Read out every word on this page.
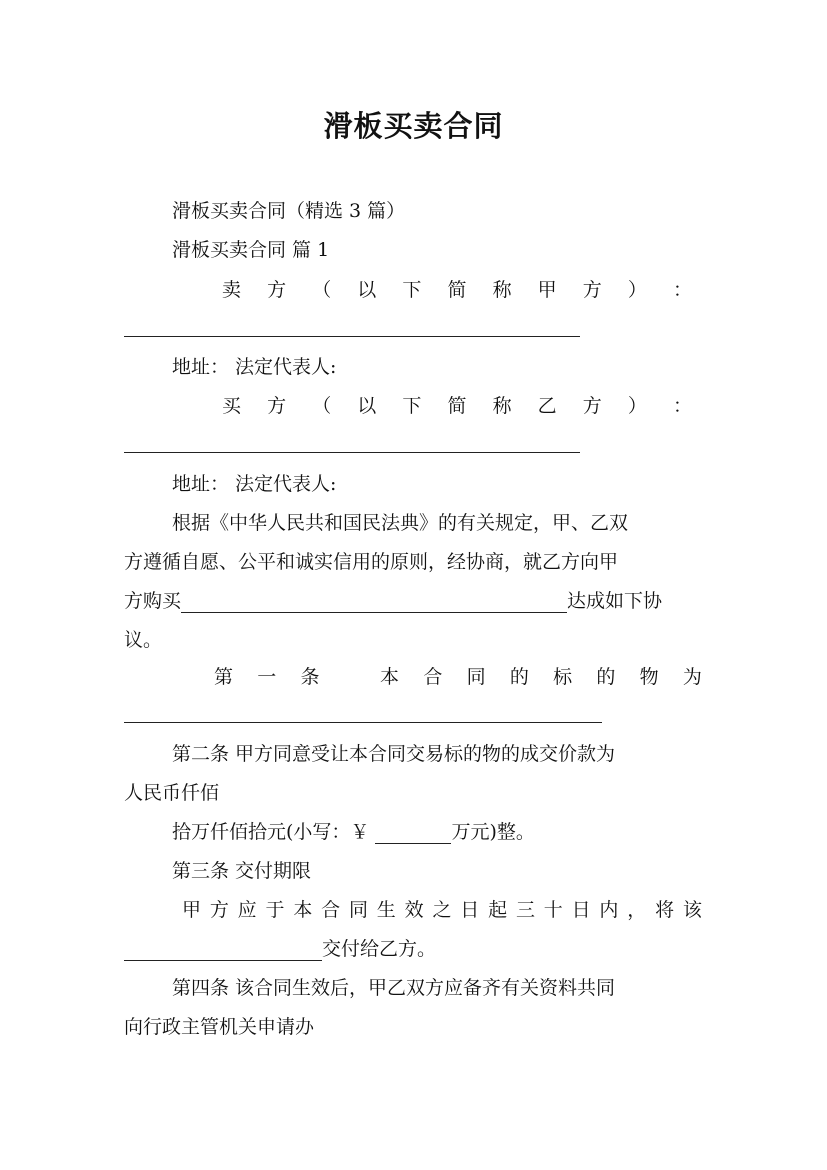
滑板买卖合同
滑板买卖合同（精选 3 篇）
滑板买卖合同 篇 1
卖 方 （ 以 下 简 称 甲 方 ） ：
地址： 法定代表人:
买 方 （ 以 下 简 称 乙 方 ） ：
地址： 法定代表人:
根据《中华人民共和国民法典》的有关规定，甲、乙双
方遵循自愿、公平和诚实信用的原则，经协商，就乙方向甲
方购买	达成如下协
议。
第 一 条	本 合 同 的 标 的 物 为
第二条 甲方同意受让本合同交易标的物的成交价款为
人民币仟佰
拾万仟佰拾元(小写：￥	万元)整。
第三条 交付期限
甲 方 应 于 本 合 同 生 效 之 日 起 三 十 日 内 ， 将 该
交付给乙方。
第四条 该合同生效后，甲乙双方应备齐有关资料共同
向行政主管机关申请办
